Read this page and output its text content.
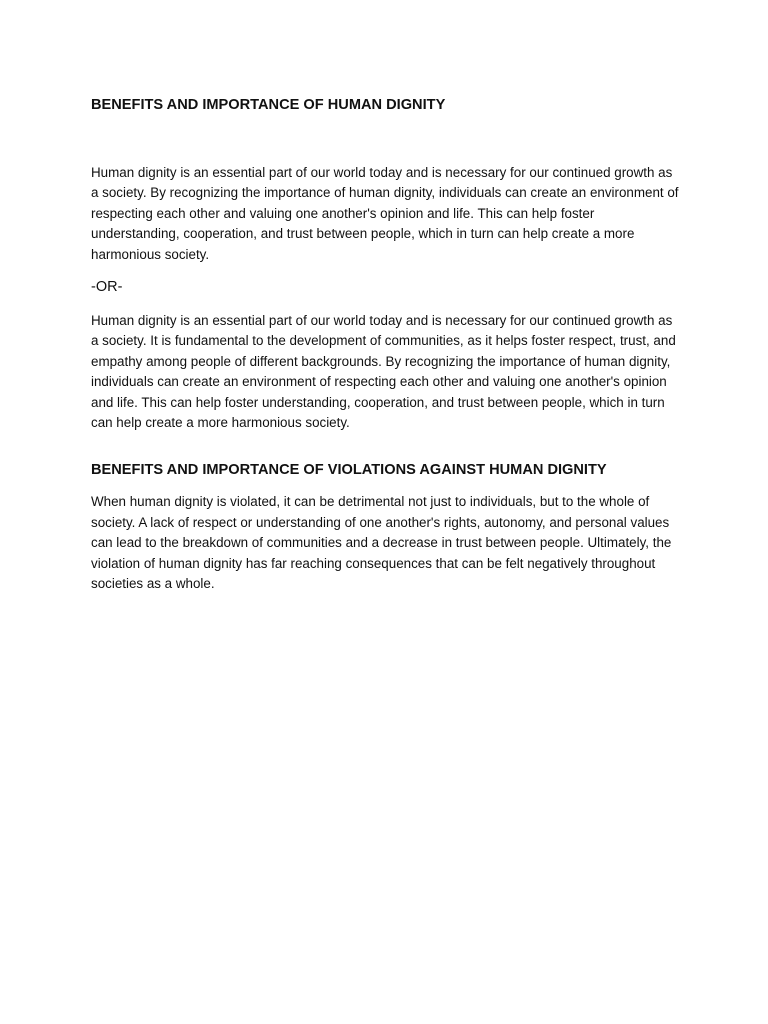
BENEFITS AND IMPORTANCE OF HUMAN DIGNITY

Human dignity is an essential part of our world today and is necessary for our continued growth as a society. By recognizing the importance of human dignity, individuals can create an environment of respecting each other and valuing one another's opinion and life. This can help foster understanding, cooperation, and trust between people, which in turn can help create a more harmonious society.

-OR-

Human dignity is an essential part of our world today and is necessary for our continued growth as a society. It is fundamental to the development of communities, as it helps foster respect, trust, and empathy among people of different backgrounds. By recognizing the importance of human dignity, individuals can create an environment of respecting each other and valuing one another's opinion and life. This can help foster understanding, cooperation, and trust between people, which in turn can help create a more harmonious society.

BENEFITS AND IMPORTANCE OF VIOLATIONS AGAINST HUMAN DIGNITY

When human dignity is violated, it can be detrimental not just to individuals, but to the whole of society. A lack of respect or understanding of one another's rights, autonomy, and personal values can lead to the breakdown of communities and a decrease in trust between people. Ultimately, the violation of human dignity has far reaching consequences that can be felt negatively throughout societies as a whole.
